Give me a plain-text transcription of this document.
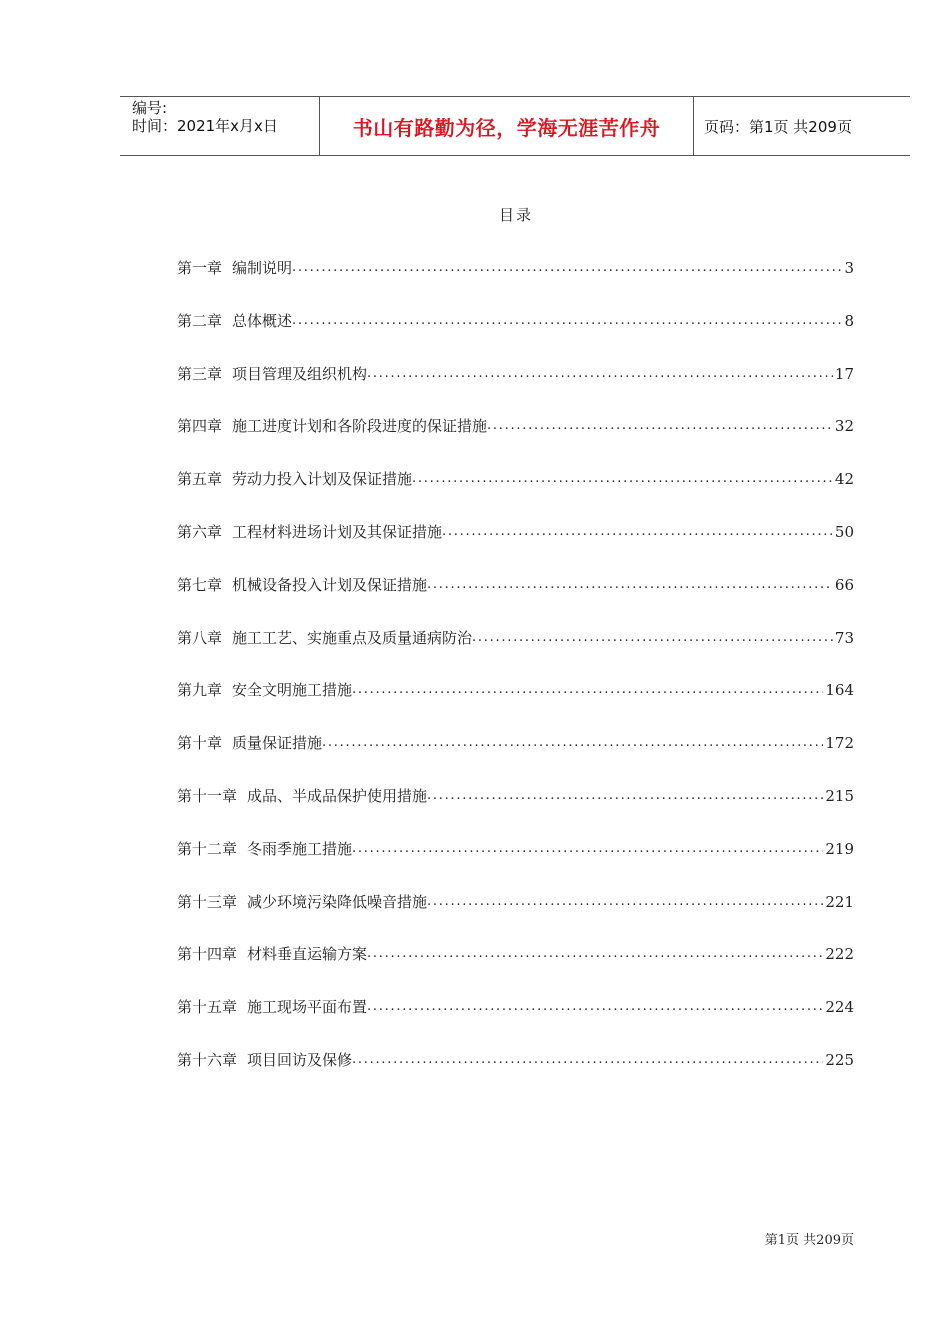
编号:
时间：2021年x月x日	书山有路勤为径，学海无涯苦作舟	页码：第1页 共209页
目录
第一章 编制说明 . . .	3
第二章 总体概述 . . .	8
第三章 项目管理及组织机构 . . .	17
第四章 施工进度计划和各阶段进度的保证措施 . . .	32
第五章 劳动力投入计划及保证措施 . . .	42
第六章 工程材料进场计划及其保证措施 . . .	50
第七章 机械设备投入计划及保证措施 . . .	66
第八章 施工工艺、实施重点及质量通病防治 . . .	73
第九章 安全文明施工措施 . . .	164
第十章 质量保证措施 . . .	172
第十一章 成品、半成品保护使用措施 . . .	215
第十二章 冬雨季施工措施 . . .	219
第十三章 减少环境污染降低噪音措施 . . .	221
第十四章 材料垂直运输方案 . . .	222
第十五章 施工现场平面布置 . . .	224
第十六章 项目回访及保修 . . .	225
第1页 共209页
